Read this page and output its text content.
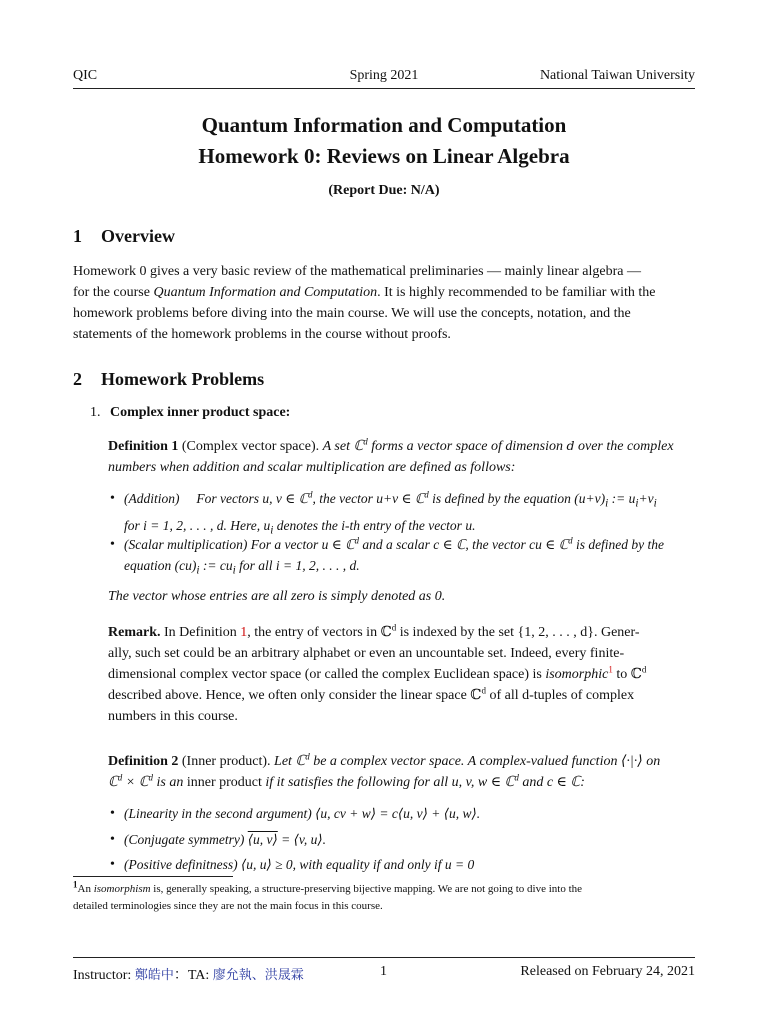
QIC	Spring 2021	National Taiwan University
Quantum Information and Computation
Homework 0: Reviews on Linear Algebra
(Report Due: N/A)
1 Overview
Homework 0 gives a very basic review of the mathematical preliminaries — mainly linear algebra —
for the course Quantum Information and Computation. It is highly recommended to be familiar with the
homework problems before diving into the main course. We will use the concepts, notation, and the
statements of the homework problems in the course without proofs.
2 Homework Problems
1. Complex inner product space:
Definition 1 (Complex vector space). A set ℂ$^d$ forms a vector space of dimension d over the complex
numbers when addition and scalar multiplication are defined as follows:
• (Addition) For vectors u, v ∈ ℂ$^d$, the vector u+v ∈ ℂ$^d$ is defined by the equation $(u+v)_i$ := $u_i+v_i$
for i = 1, 2, . . . , d. Here, $u_i$ denotes the i-th entry of the vector u.
• (Scalar multiplication) For a vector u ∈ ℂ$^d$ and a scalar c ∈ ℂ, the vector cu ∈ ℂ$^d$ is defined by the
equation $(cu)_i$ := $cu_i$ for all i = 1, 2, . . . , d.
The vector whose entries are all zero is simply denoted as 0.
Remark. In Definition 1, the entry of vectors in ℂ$^d$ is indexed by the set {1, 2, . . . , d}. Gener-
ally, such set could be an arbitrary alphabet or even an uncountable set. Indeed, every finite-
dimensional complex vector space (or called the complex Euclidean space) is isomorphic$^1$ to ℂ$^d$
described above. Hence, we often only consider the linear space ℂ$^d$ of all d-tuples of complex
numbers in this course.
Definition 2 (Inner product). Let ℂ$^d$ be a complex vector space. A complex-valued function ⟨·|·⟩ on
ℂ$^d$ × ℂ$^d$ is an inner product if it satisfies the following for all u, v, w ∈ ℂ$^d$ and c ∈ ℂ:
• (Linearity in the second argument) ⟨u, cv + w⟩ = c⟨u, v⟩ + ⟨u, w⟩.
• (Conjugate symmetry) ⟨u, v⟩ = ⟨v, u⟩.
• (Positive definitness) ⟨u, u⟩ ≥ 0, with equality if and only if u = 0
$^1$An isomorphism is, generally speaking, a structure-preserving bijective mapping. We are not going to dive into the
detailed terminologies since they are not the main focus in this course.
Instructor: 鄭皓中：TA: 廖允執、洪晟霖	1	Released on February 24, 2021
